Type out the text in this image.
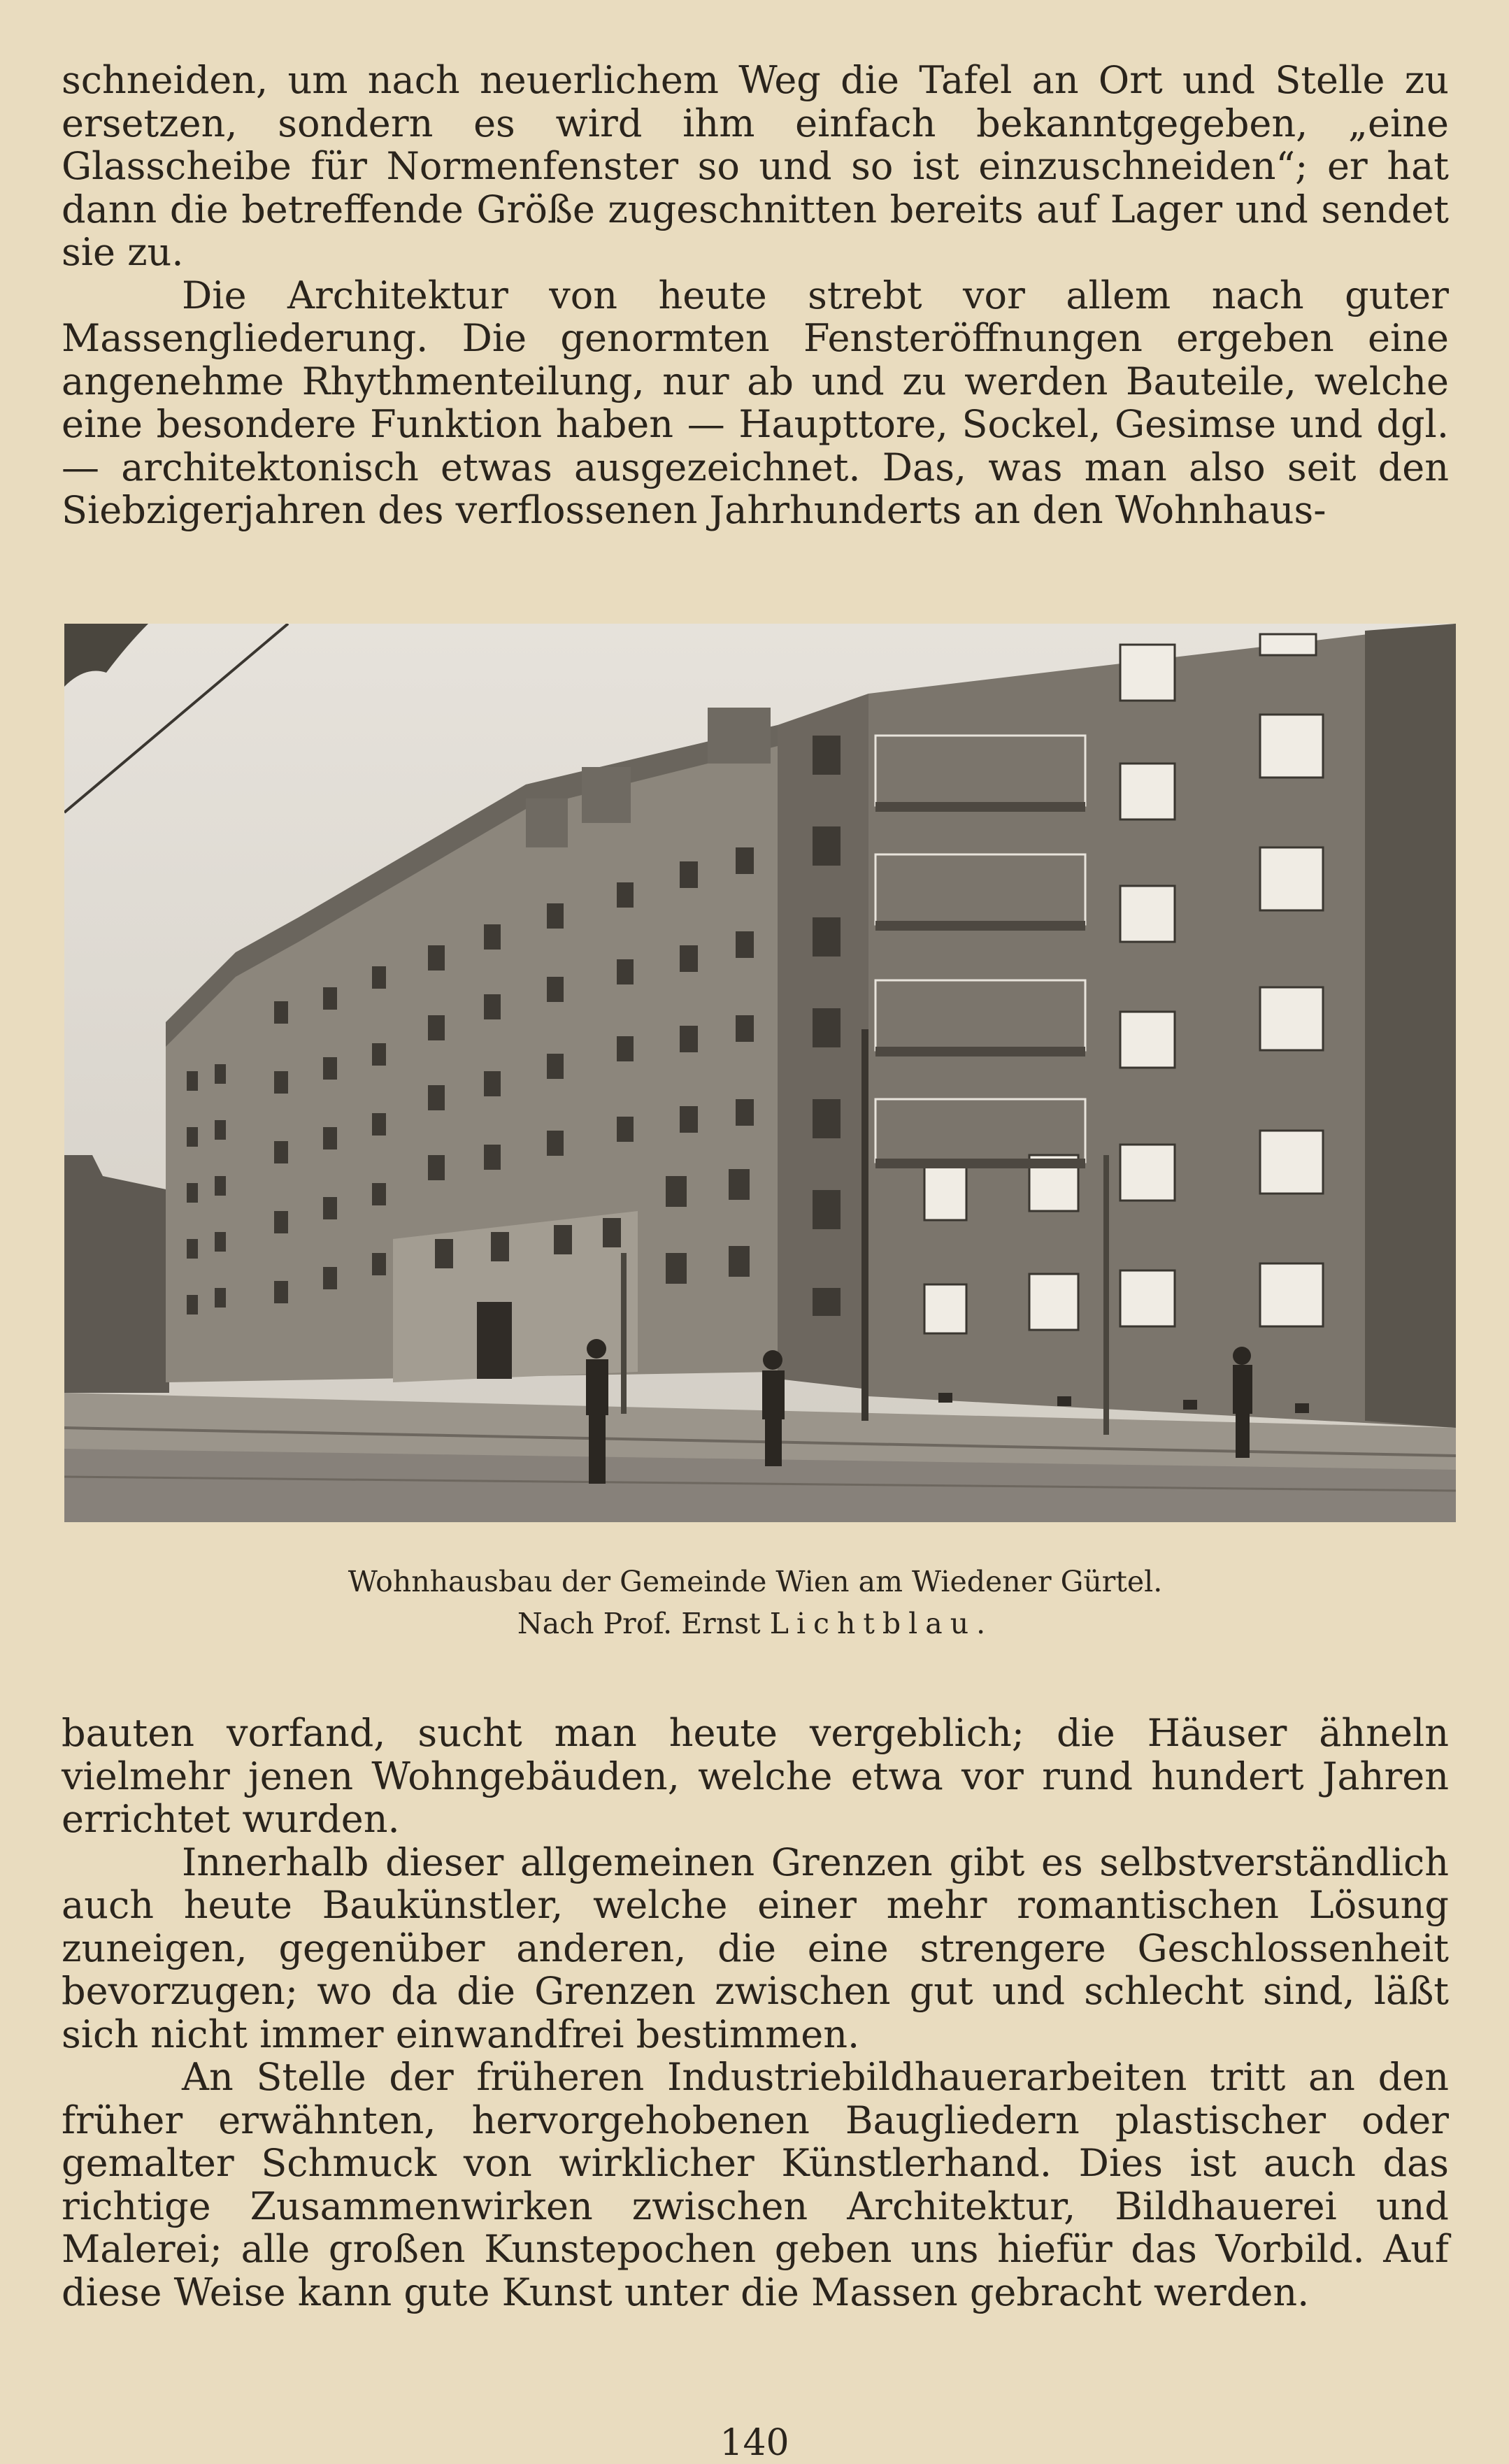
schneiden, um nach neuerlichem Weg die Tafel an Ort und Stelle zu ersetzen, sondern es wird ihm einfach bekanntgegeben, „eine Glasscheibe für Normenfenster so und so ist einzuschneiden“; er hat dann die betreffende Größe zugeschnitten bereits auf Lager und sendet sie zu.

Die Architektur von heute strebt vor allem nach guter Massengliederung. Die genormten Fensteröffnungen ergeben eine angenehme Rhythmenteilung, nur ab und zu werden Bauteile, welche eine besondere Funktion haben — Haupttore, Sockel, Gesimse und dgl. — architektonisch etwas ausgezeichnet. Das, was man also seit den Siebzigerjahren des verflossenen Jahrhunderts an den Wohnhaus-

Wohnhausbau der Gemeinde Wien am Wiedener Gürtel.
Nach Prof. Ernst Lichtblau.

bauten vorfand, sucht man heute vergeblich; die Häuser ähneln vielmehr jenen Wohngebäuden, welche etwa vor rund hundert Jahren errichtet wurden.

Innerhalb dieser allgemeinen Grenzen gibt es selbstverständlich auch heute Baukünstler, welche einer mehr romantischen Lösung zuneigen, gegenüber anderen, die eine strengere Geschlossenheit bevorzugen; wo da die Grenzen zwischen gut und schlecht sind, läßt sich nicht immer einwandfrei bestimmen.

An Stelle der früheren Industriebildhauerarbeiten tritt an den früher erwähnten, hervorgehobenen Baugliedern plastischer oder gemalter Schmuck von wirklicher Künstlerhand. Dies ist auch das richtige Zusammenwirken zwischen Architektur, Bildhauerei und Malerei; alle großen Kunstepochen geben uns hiefür das Vorbild. Auf diese Weise kann gute Kunst unter die Massen gebracht werden.

140
